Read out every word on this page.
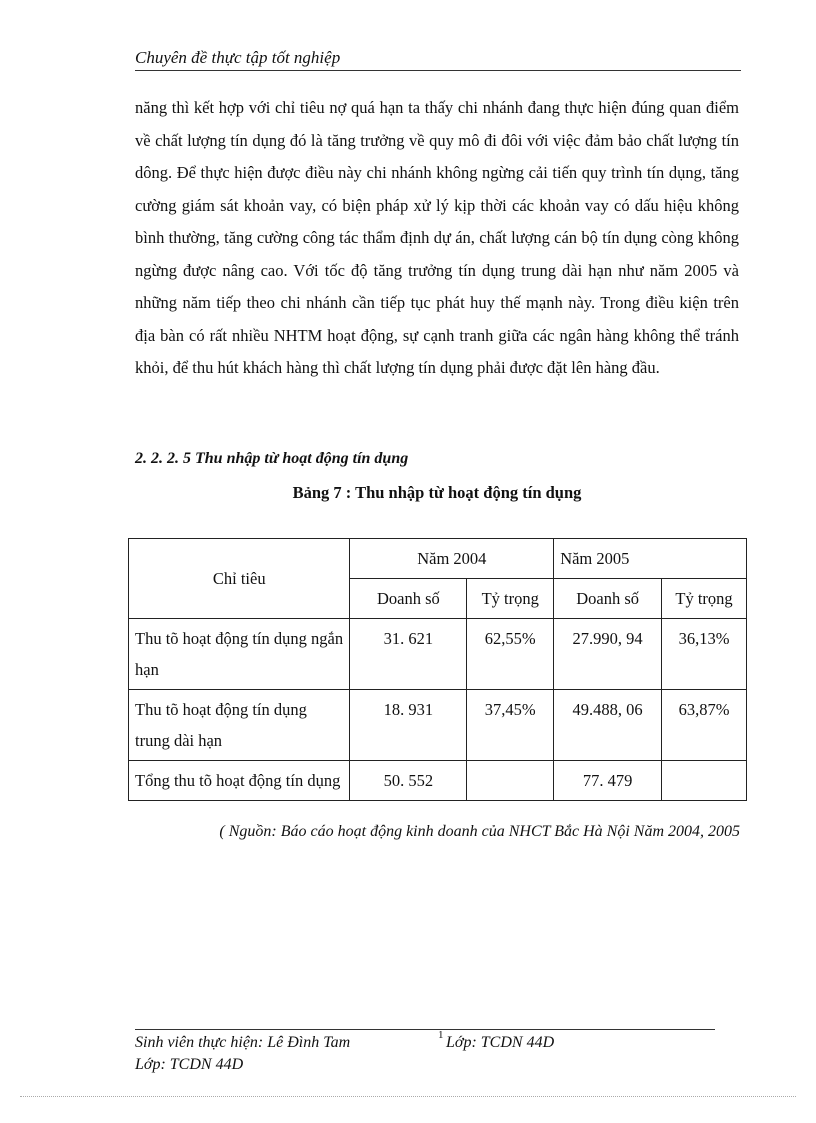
Chuyên đề thực tập tốt nghiệp
năng thì kết hợp với chỉ tiêu nợ quá hạn ta thấy chi nhánh đang thực hiện đúng quan điểm về chất lượng tín dụng đó là tăng trưởng về quy mô đi đôi với việc đảm bảo chất lượng tín dông. Để thực hiện được điều này chi nhánh không ngừng cải tiến quy trình tín dụng, tăng cường giám sát khoản vay, có biện pháp xử lý kịp thời các khoản vay có dấu hiệu không bình thường, tăng cường công tác thẩm định dự án, chất lượng cán bộ tín dụng còng không ngừng được nâng cao. Với tốc độ tăng trưởng tín dụng trung dài hạn như năm 2005 và những năm tiếp theo chi nhánh cần tiếp tục phát huy thế mạnh này. Trong điều kiện trên địa bàn có rất nhiều NHTM hoạt động, sự cạnh tranh giữa các ngân hàng không thể tránh khỏi, để thu hút khách hàng thì chất lượng tín dụng phải được đặt lên hàng đầu.
2. 2. 2. 5 Thu nhập từ hoạt động tín dụng
Bảng 7 : Thu nhập từ hoạt động tín dụng
Chỉ tiêu	Năm 2004		Năm 2005	
	Doanh số	Tỷ trọng	Doanh số	Tỷ trọng
Thu tõ hoạt động tín dụng ngắn hạn	31. 621	62,55%	27.990, 94	36,13%
Thu tõ hoạt động tín dụng trung dài hạn	18. 931	37,45%	49.488, 06	63,87%
Tổng thu tõ hoạt động tín dụng	50. 552		77. 479	
( Nguồn: Báo cáo hoạt động kinh doanh của NHCT Bắc Hà Nội Năm 2004, 2005
Sinh viên thực hiện: Lê Đình Tam	1 Lớp: TCDN 44D
Lớp: TCDN 44D
